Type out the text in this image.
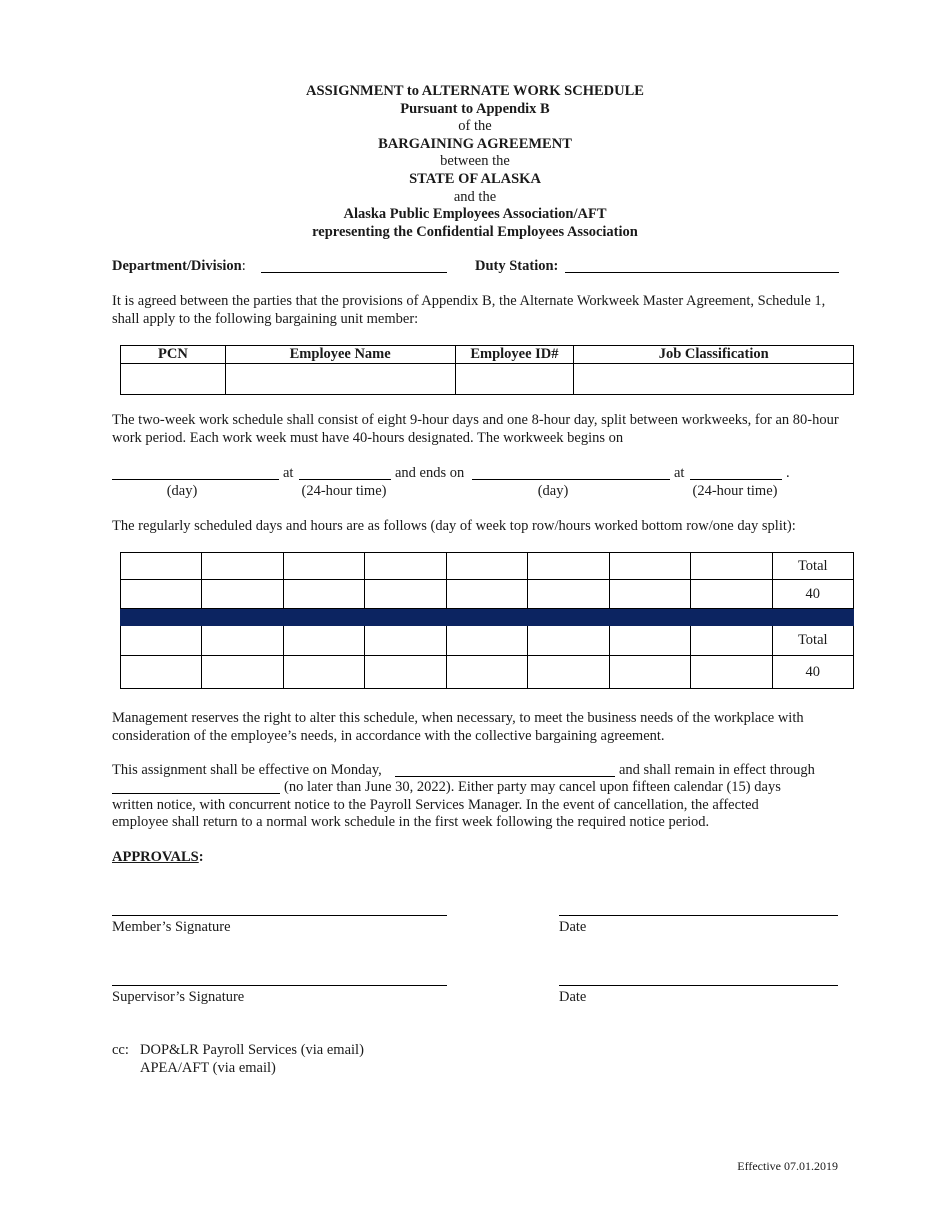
ASSIGNMENT to ALTERNATE WORK SCHEDULE
Pursuant to Appendix B
of the
BARGAINING AGREEMENT
between the
STATE OF ALASKA
and the
Alaska Public Employees Association/AFT
representing the Confidential Employees Association
Department/Division:	Duty Station:
It is agreed between the parties that the provisions of Appendix B, the Alternate Workweek Master Agreement, Schedule 1, shall apply to the following bargaining unit member:
PCN	Employee Name	Employee ID#	Job Classification

The two-week work schedule shall consist of eight 9-hour days and one 8-hour day, split between workweeks, for an 80-hour work period. Each work week must have 40-hours designated. The workweek begins on
at	and ends on	at	.
(day)	(24-hour time)	(day)	(24-hour time)
The regularly scheduled days and hours are as follows (day of week top row/hours worked bottom row/one day split):
								Total
								40

								Total
								40
Management reserves the right to alter this schedule, when necessary, to meet the business needs of the workplace with consideration of the employee’s needs, in accordance with the collective bargaining agreement.
This assignment shall be effective on Monday,	and shall remain in effect through
(no later than June 30, 2022). Either party may cancel upon fifteen calendar (15) days
written notice, with concurrent notice to the Payroll Services Manager. In the event of cancellation, the affected
employee shall return to a normal work schedule in the first week following the required notice period.
APPROVALS:
Member’s Signature	Date
Supervisor’s Signature	Date
cc: DOP&LR Payroll Services (via email)
APEA/AFT (via email)
Effective 07.01.2019
